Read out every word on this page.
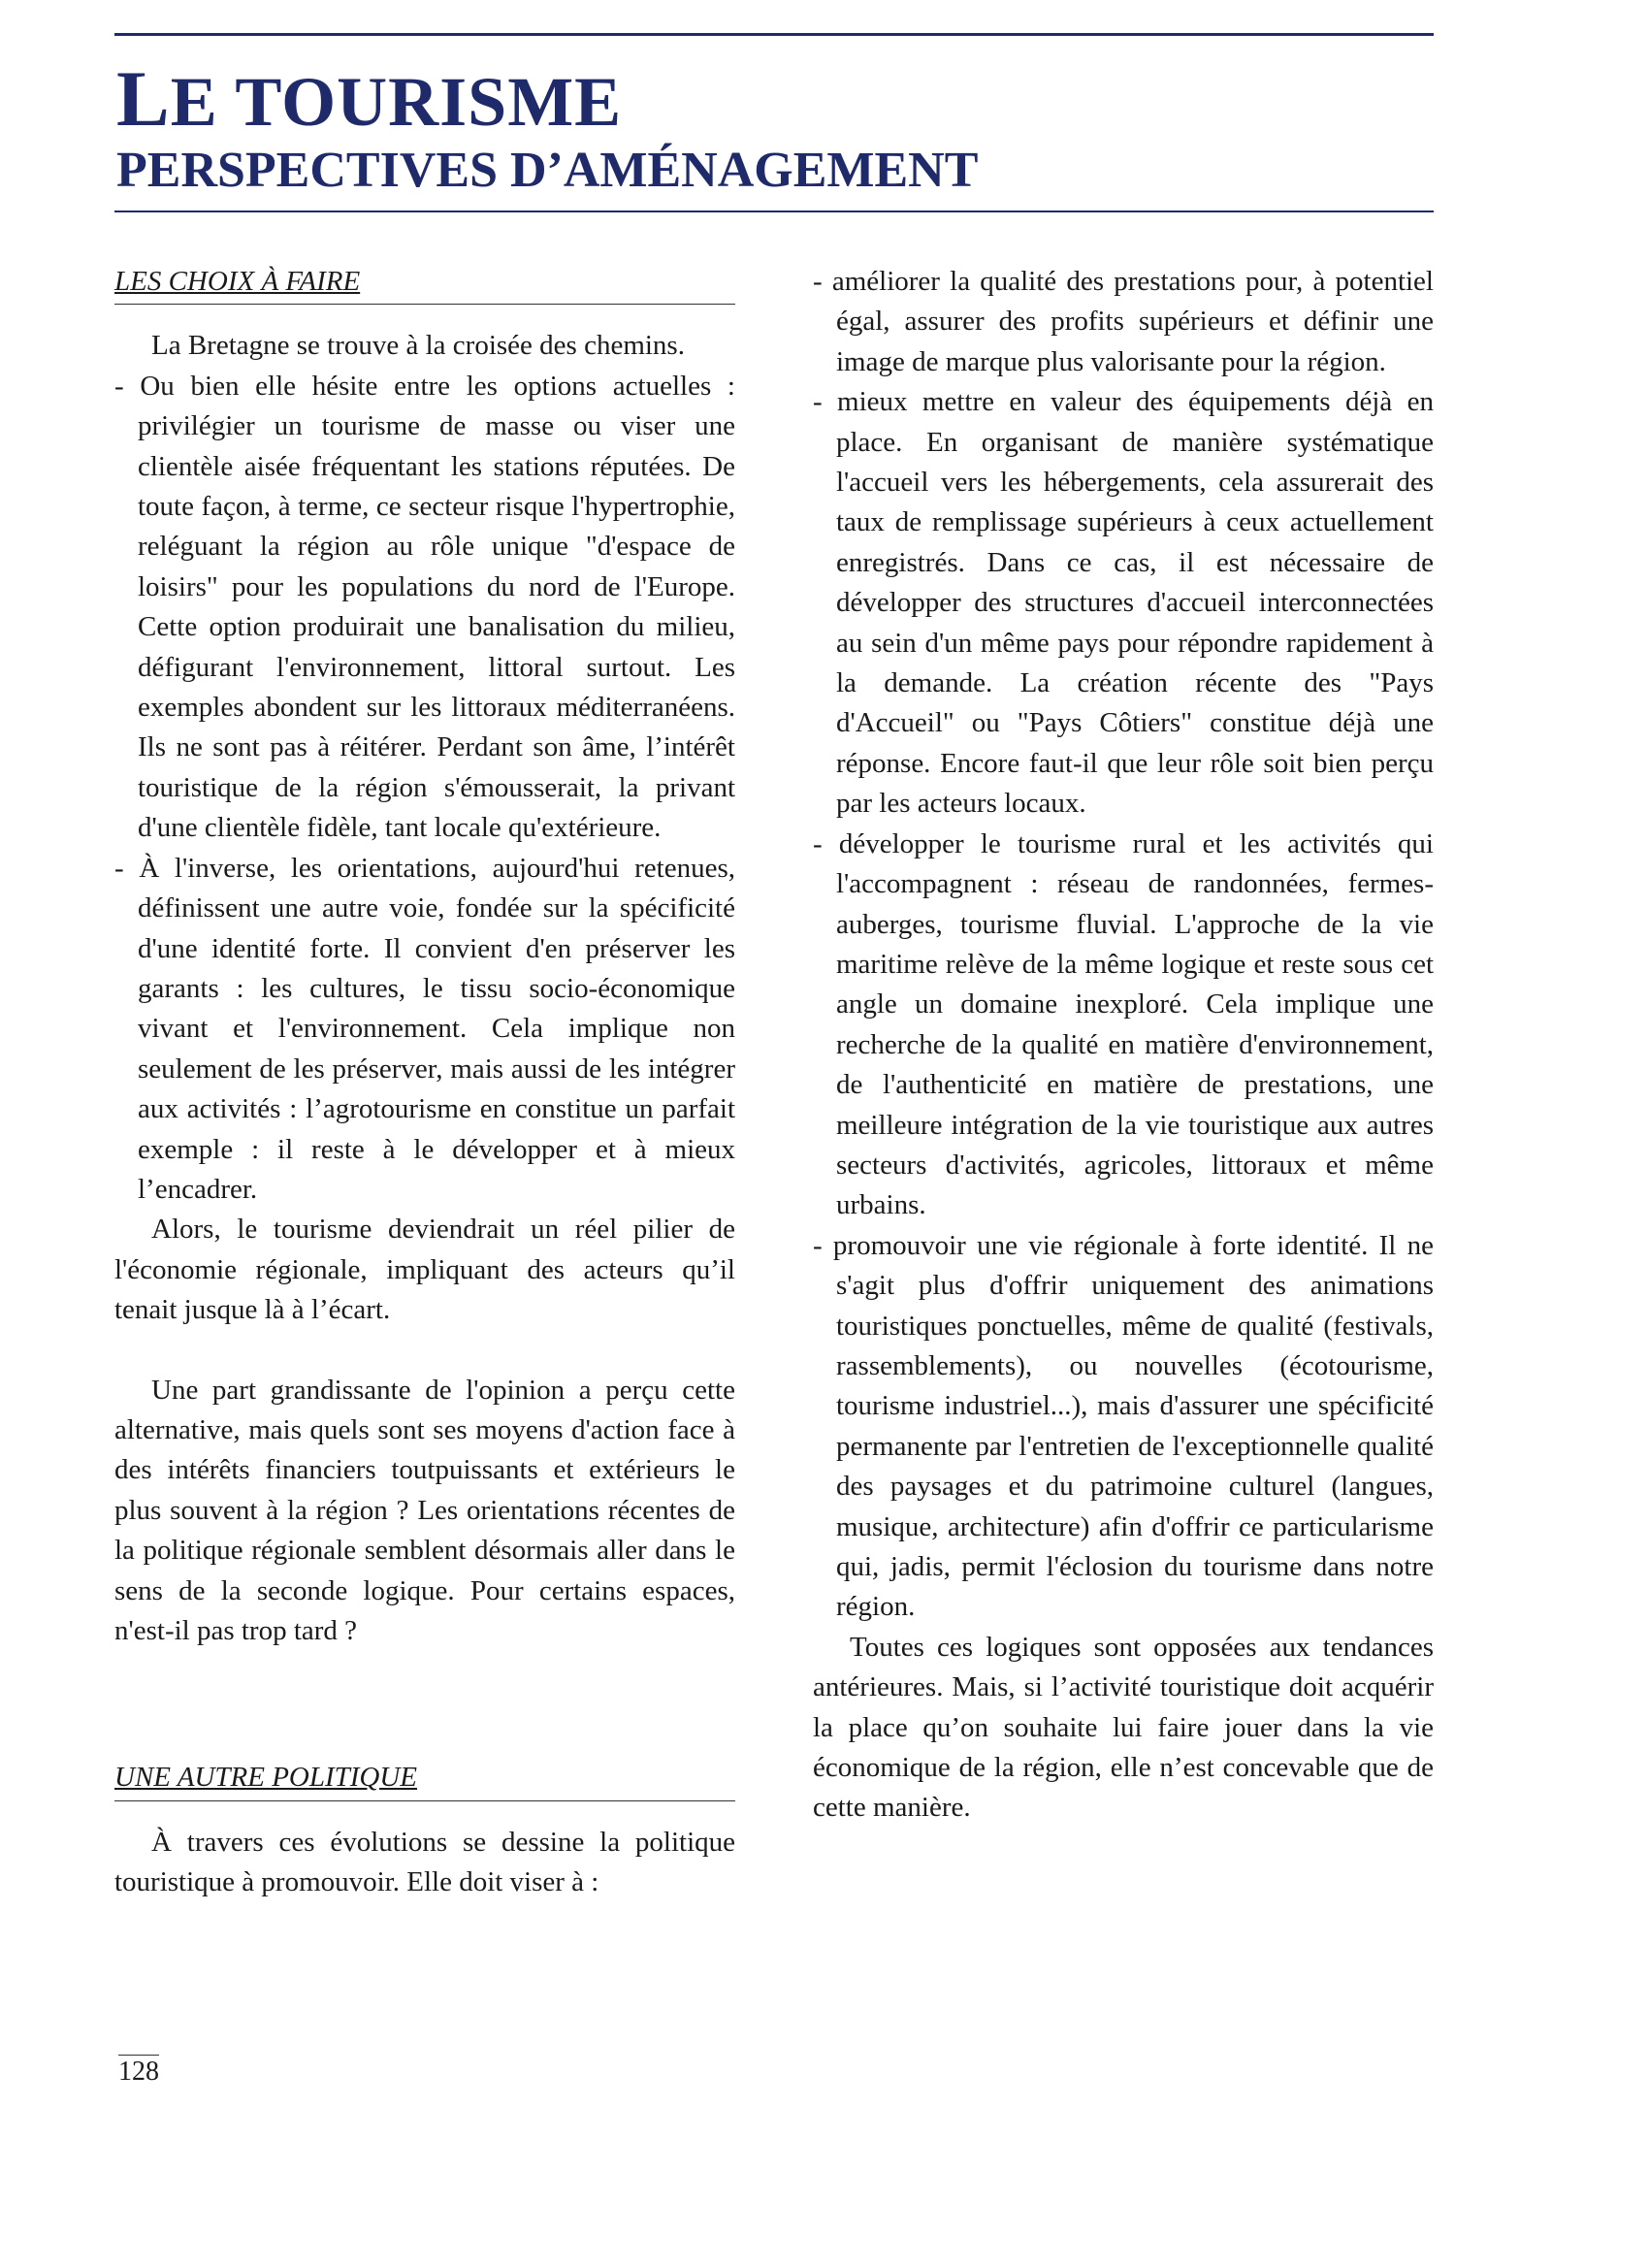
LE TOURISME
PERSPECTIVES D’AMÉNAGEMENT
LES CHOIX À FAIRE

La Bretagne se trouve à la croisée des chemins.

- Ou bien elle hésite entre les options actuelles : privilégier un tourisme de masse ou viser une clientèle aisée fréquentant les stations réputées. De toute façon, à terme, ce secteur risque l'hypertrophie, reléguant la région au rôle unique "d'espace de loisirs" pour les populations du nord de l'Europe. Cette option produirait une banalisation du milieu, défigurant l'environnement, littoral surtout. Les exemples abondent sur les littoraux méditerranéens. Ils ne sont pas à réitérer. Perdant son âme, l’intérêt touristique de la région s'émousserait, la privant d'une clientèle fidèle, tant locale qu'extérieure.

- À l'inverse, les orientations, aujourd'hui retenues, définissent une autre voie, fondée sur la spécificité d'une identité forte. Il convient d'en préserver les garants : les cultures, le tissu socio-économique vivant et l'environnement. Cela implique non seulement de les préserver, mais aussi de les intégrer aux activités : l’agrotourisme en constitue un parfait exemple : il reste à le développer et à mieux l’encadrer.

Alors, le tourisme deviendrait un réel pilier de l'économie régionale, impliquant des acteurs qu’il tenait jusque là à l’écart.

Une part grandissante de l'opinion a perçu cette alternative, mais quels sont ses moyens d'action face à des intérêts financiers toutpuissants et extérieurs le plus souvent à la région ? Les orientations récentes de la politique régionale semblent désormais aller dans le sens de la seconde logique. Pour certains espaces, n'est-il pas trop tard ?

UNE AUTRE POLITIQUE

À travers ces évolutions se dessine la politique touristique à promouvoir. Elle doit viser à :

- améliorer la qualité des prestations pour, à potentiel égal, assurer des profits supérieurs et définir une image de marque plus valorisante pour la région.

- mieux mettre en valeur des équipements déjà en place. En organisant de manière systématique l'accueil vers les hébergements, cela assurerait des taux de remplissage supérieurs à ceux actuellement enregistrés. Dans ce cas, il est nécessaire de développer des structures d'accueil interconnectées au sein d'un même pays pour répondre rapidement à la demande. La création récente des "Pays d'Accueil" ou "Pays Côtiers" constitue déjà une réponse. Encore faut-il que leur rôle soit bien perçu par les acteurs locaux.

- développer le tourisme rural et les activités qui l'accompagnent : réseau de randonnées, fermes-auberges, tourisme fluvial. L'approche de la vie maritime relève de la même logique et reste sous cet angle un domaine inexploré. Cela implique une recherche de la qualité en matière d'environnement, de l'authenticité en matière de prestations, une meilleure intégration de la vie touristique aux autres secteurs d'activités, agricoles, littoraux et même urbains.

- promouvoir une vie régionale à forte identité. Il ne s'agit plus d'offrir uniquement des animations touristiques ponctuelles, même de qualité (festivals, rassemblements), ou nouvelles (écotourisme, tourisme industriel...), mais d'assurer une spécificité permanente par l'entretien de l'exceptionnelle qualité des paysages et du patrimoine culturel (langues, musique, architecture) afin d'offrir ce particularisme qui, jadis, permit l'éclosion du tourisme dans notre région.

Toutes ces logiques sont opposées aux tendances antérieures. Mais, si l’activité touristique doit acquérir la place qu’on souhaite lui faire jouer dans la vie économique de la région, elle n’est concevable que de cette manière.

128
